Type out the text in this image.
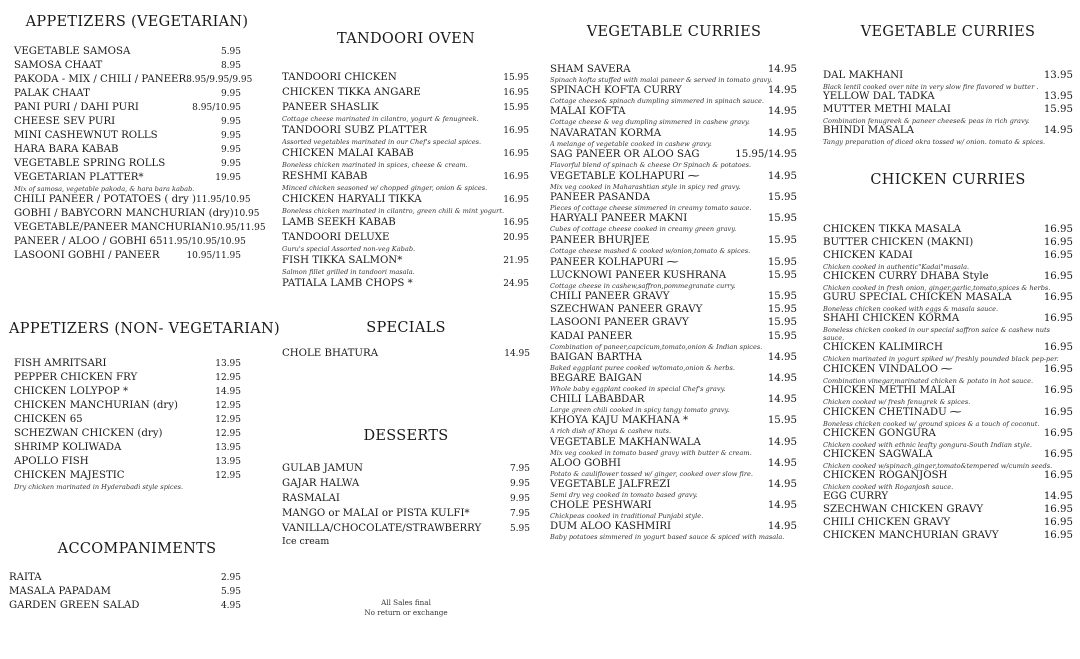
APPETIZERS (VEGETARIAN)
VEGETABLE SAMOSA	5.95
SAMOSA CHAAT	8.95
PAKODA - MIX / CHILI / PANEER 8.95/9.95/9.95
PALAK CHAAT	9.95
PANI PURI / DAHI PURI	8.95/10.95
CHEESE SEV PURI	9.95
MINI CASHEWNUT ROLLS	9.95
HARA BARA KABAB	9.95
VEGETABLE SPRING ROLLS	9.95
VEGETARIAN PLATTER*	19.95
Mix of samosa, vegetable pakoda, & hara bara kabab.
CHILI PANEER / POTATOES ( dry ) 11.95/10.95
GOBHI / BABYCORN MANCHURIAN (dry) 10.95
VEGETABLE/PANEER MANCHURIAN 10.95/11.95
PANEER / ALOO / GOBHI 65 11.95/10.95/10.95
LASOONI GOBHI / PANEER	10.95/11.95
APPETIZERS (NON- VEGETARIAN)
FISH AMRITSARI	13.95
PEPPER CHICKEN FRY	12.95
CHICKEN LOLYPOP *	14.95
CHICKEN MANCHURIAN (dry)	12.95
CHICKEN 65	12.95
SCHEZWAN CHICKEN (dry)	12.95
SHRIMP KOLIWADA	13.95
APOLLO FISH	13.95
CHICKEN MAJESTIC	12.95
Dry chicken marinated in Hyderabadi style spices.
ACCOMPANIMENTS
RAITA	2.95
MASALA PAPADAM	5.95
GARDEN GREEN SALAD	4.95
TANDOORI OVEN
TANDOORI CHICKEN	15.95
CHICKEN TIKKA ANGARE	16.95
PANEER SHASLIK	15.95
Cottage cheese marinated in cilantro, yogurt & fenugreek.
TANDOORI SUBZ PLATTER	16.95
Assorted vegetables marinated in our Chef's special spices.
CHICKEN MALAI KABAB	16.95
Boneless chicken marinated in spices, cheese & cream.
RESHMI KABAB	16.95
Minced chicken seasoned w/ chopped ginger, onion & spices.
CHICKEN HARYALI TIKKA	16.95
Boneless chicken marinated in cilantro, green chili & mint yogurt.
LAMB SEEKH KABAB	16.95
TANDOORI DELUXE	20.95
Guru's special Assorted non-veg Kabab.
FISH TIKKA SALMON*	21.95
Salmon fillet grilled in tandoori masala.
PATIALA LAMB CHOPS *	24.95
SPECIALS
CHOLE BHATURA	14.95
DESSERTS
GULAB JAMUN	7.95
GAJAR HALWA	9.95
RASMALAI	9.95
MANGO or MALAI or PISTA KULFI*	7.95
VANILLA/CHOCOLATE/STRAWBERRY	5.95
Ice cream
All Sales final
No return or exchange
VEGETABLE CURRIES
SHAM SAVERA	14.95
Spinach kofta stuffed with malai paneer & served in tomato gravy.
SPINACH KOFTA CURRY	14.95
Cottage cheese& spinach dumpling simmered in spinach sauce.
MALAI KOFTA	14.95
Cottage cheese & veg dumpling simmered in cashew gravy.
NAVARATAN KORMA	14.95
A melange of vegetable cooked in cashew gravy.
SAG PANEER OR ALOO SAG	15.95/14.95
Flavorful blend of spinach & cheese Or Spinach & potatoes.
VEGETABLE KOLHAPURI~	14.95
Mix veg cooked in Maharashtian style in spicy red gravy.
PANEER PASANDA	15.95
Pieces of cottage cheese simmered in creamy tomato sauce.
HARYALI PANEER MAKNI	15.95
Cubes of cottage cheese cooked in creamy green gravy.
PANEER BHURJEE	15.95
Cottage cheese mashed & cooked w/onion,tomato & spices.
PANEER KOLHAPURI~	15.95
LUCKNOWI PANEER KUSHRANA	15.95
Cottage cheese in cashew,saffron,pommegranate curry.
CHILI PANEER GRAVY	15.95
SZECHWAN PANEER GRAVY	15.95
LASOONI PANEER GRAVY	15.95
KADAI PANEER	15.95
Combination of paneer,capcicum,tomato,onion & Indian spices.
BAIGAN BARTHA	14.95
Baked eggplant puree cooked w/tomato,onion & herbs.
BEGARE BAIGAN	14.95
Whole baby eggplant cooked in special Chef's gravy.
CHILI LABABDAR	14.95
Large green chili cooked in spicy tangy tomato gravy.
KHOYA KAJU MAKHANA *	15.95
A rich dish of Khoya & cashew nuts.
VEGETABLE MAKHANWALA	14.95
Mix veg cooked in tomato based gravy with butter & cream.
ALOO GOBHI	14.95
Potato & cauliflower tossed w/ ginger, cooked over slow fire.
VEGETABLE JALFREZI	14.95
Semi dry veg cooked in tomato based gravy.
CHOLE PESHWARI	14.95
Chickpeas cooked in traditional Punjabi style.
DUM ALOO KASHMIRI	14.95
Baby potatoes simmered in yogurt based sauce & spiced with masala.
VEGETABLE CURRIES
DAL MAKHANI	13.95
Black lentil cooked over nite in very slow fire flavored w butter .
YELLOW DAL TADKA	13.95
MUTTER METHI MALAI	15.95
Combination fenugreek & paneer cheese& peas in rich gravy.
BHINDI MASALA	14.95
Tangy preparation of diced okra tossed w/ onion. tomato & spices.
CHICKEN CURRIES
CHICKEN TIKKA MASALA	16.95
BUTTER CHICKEN (MAKNI)	16.95
CHICKEN KADAI	16.95
Chicken cooked in authentic"Kadai"masala.
CHICKEN CURRY DHABA Style	16.95
Chicken cooked in fresh onion, ginger,garlic,tomato,spices & herbs.
GURU SPECIAL CHICKEN MASALA	16.95
Boneless chicken cooked with eggs & masala sauce.
SHAHI CHICKEN KORMA	16.95
Boneless chicken cooked in our special saffron saice & cashew nuts sauce.
CHICKEN KALIMIRCH	16.95
Chicken marinated in yogurt spiked w/ freshly pounded black pep-per.
CHICKEN VINDALOO~	16.95
Combination vinegar,marinated chicken & potato in hot sauce.
CHICKEN METHI MALAI	16.95
Chicken cooked w/ fresh fenugrek & spices.
CHICKEN CHETINADU~	16.95
Boneless chicken cooked w/ ground spices & a touch of coconut.
CHICKEN GONGURA	16.95
Chicken cooked with ethnic leafty gongura-South Indian style.
CHICKEN SAGWALA	16.95
Chicken cooked w/spinach,ginger,tomato&tempered w/cumin seeds.
CHICKEN ROGANJOSH	16.95
Chicken cooked with Roganjosh sauce.
EGG CURRY	14.95
SZECHWAN CHICKEN GRAVY	16.95
CHILI CHICKEN GRAVY	16.95
CHICKEN MANCHURIAN GRAVY	16.95
